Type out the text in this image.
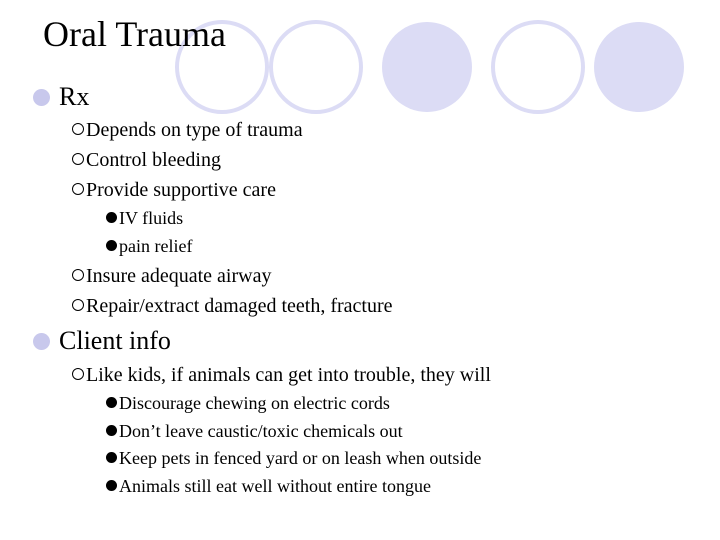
Oral Trauma
Rx
Depends on type of trauma
Control bleeding
Provide supportive care
IV fluids
pain relief
Insure adequate airway
Repair/extract damaged teeth, fracture
Client info
Like kids, if animals can get into trouble, they will
Discourage chewing on electric cords
Don’t leave caustic/toxic chemicals out
Keep pets in fenced yard or on leash when outside
Animals still eat well without entire tongue
